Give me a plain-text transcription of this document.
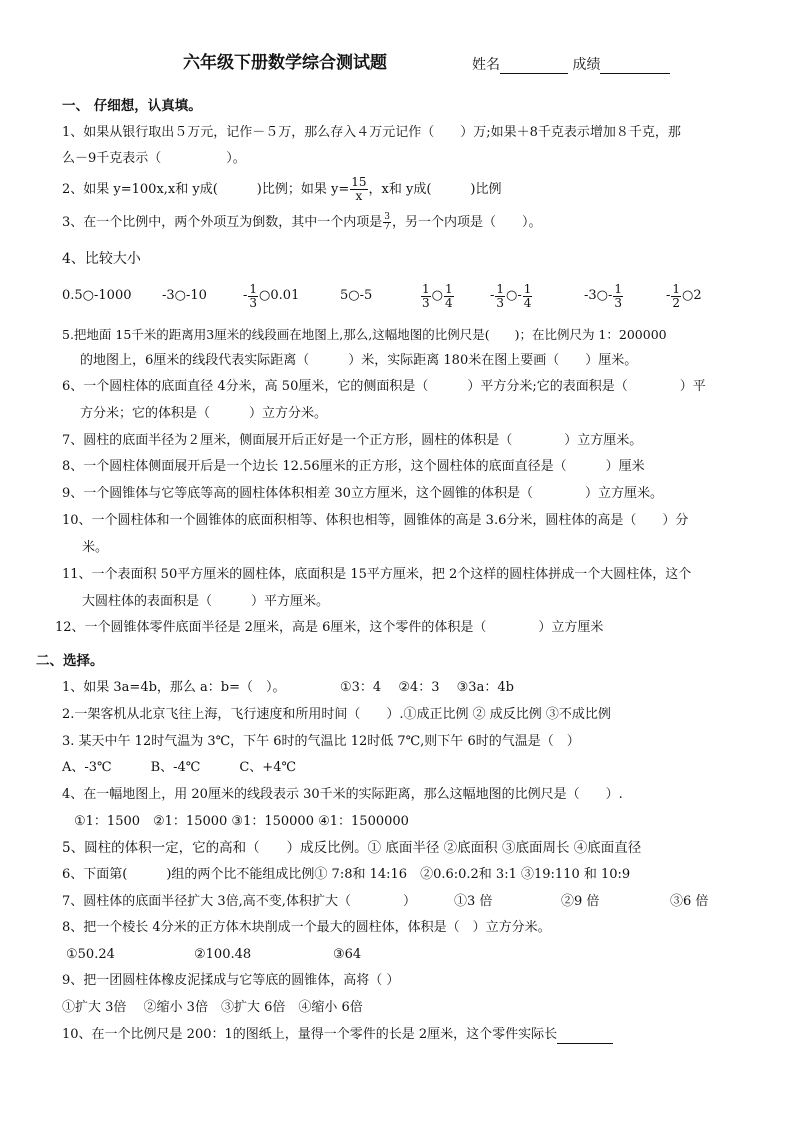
六年级下册数学综合测试题	姓名	成绩
一、 仔细想，认真填。
1、如果从银行取出５万元，记作－５万，那么存入４万元记作（　　）万;如果＋8千克表示增加８千克，那
么－9千克表示（　　　　　）。
2、如果 y=100x,x和 y成(　　　)比例；如果 $y= \frac{15}{x}$ ，x和 y成(　　　)比例
3、在一个比例中，两个外项互为倒数，其中一个内项是 $\frac{3}{7}$ ，另一个内项是（　　）。
4、比较大小
0.5○-1000 -3○-10	- $\frac{1}{3}$ ○0.01	5○-5	$\frac{1}{3}$ ○ $\frac{1}{4}$	- $\frac{1}{3}$ ○- $\frac{1}{4}$	-3○- $\frac{1}{3}$	- $\frac{1}{2}$ ○2
5.把地面 15千米的距离用3厘米的线段画在地图上,那么,这幅地图的比例尺是(　　)；在比例尺为 1：200000
的地图上，6厘米的线段代表实际距离（　　　）米，实际距离 180米在图上要画（　　）厘米。
6、一个圆柱体的底面直径 4分米，高 50厘米，它的侧面积是（　　　）平方分米;它的表面积是（　　　　）平
方分米；它的体积是（　　　）立方分米。
7、圆柱的底面半径为２厘米，侧面展开后正好是一个正方形，圆柱的体积是（　　　　）立方厘米。
8、一个圆柱体侧面展开后是一个边长 12.56厘米的正方形，这个圆柱体的底面直径是（　　　）厘米
9、一个圆锥体与它等底等高的圆柱体体积相差 30立方厘米，这个圆锥的体积是（　　　　）立方厘米。
10、一个圆柱体和一个圆锥体的底面积相等、体积也相等，圆锥体的高是 3.6分米，圆柱体的高是（　　）分
米。
11、一个表面积 50平方厘米的圆柱体，底面积是 15平方厘米，把 2个这样的圆柱体拼成一个大圆柱体，这个
大圆柱体的表面积是（　　　）平方厘米。
12、一个圆锥体零件底面半径是 2厘米，高是 6厘米，这个零件的体积是（　　　　）立方厘米
二、选择。
1、如果 3a=4b，那么 a：b=（　）。	①3：4　 ②4：3　 ③3a：4b
2.一架客机从北京飞往上海，飞行速度和所用时间（　　）.①成正比例 ② 成反比例 ③不成比例
3. 某天中午 12时气温为 3℃，下午 6时的气温比 12时低 7℃,则下午 6时的气温是（　）
A、-3℃　　　B、-4℃　　　C、+4℃
4、在一幅地图上，用 20厘米的线段表示 30千米的实际距离，那么这幅地图的比例尺是（　　）.
①1：1500　②1：15000 ③1：150000 ④1：1500000
5、圆柱的体积一定，它的高和（　　）成反比例。① 底面半径 ②底面积 ③底面周长 ④底面直径
6、下面第(　　　)组的两个比不能组成比例① 7:8和 14:16　②0.6:0.2和 3:1 ③19:110 和 10:9
7、圆柱体的底面半径扩大 3倍,高不变,体积扩大（　　　　）	①3 倍	②9 倍	③6 倍
8、把一个棱长 4分米的正方体木块削成一个最大的圆柱体，体积是（　）立方分米。
①50.24	②100.48	③64
9、把一团圆柱体橡皮泥揉成与它等底的圆锥体，高将（ ）
①扩大 3倍　 ②缩小 3倍　③扩大 6倍　④缩小 6倍
10、在一个比例尺是 200：1的图纸上，量得一个零件的长是 2厘米，这个零件实际长
